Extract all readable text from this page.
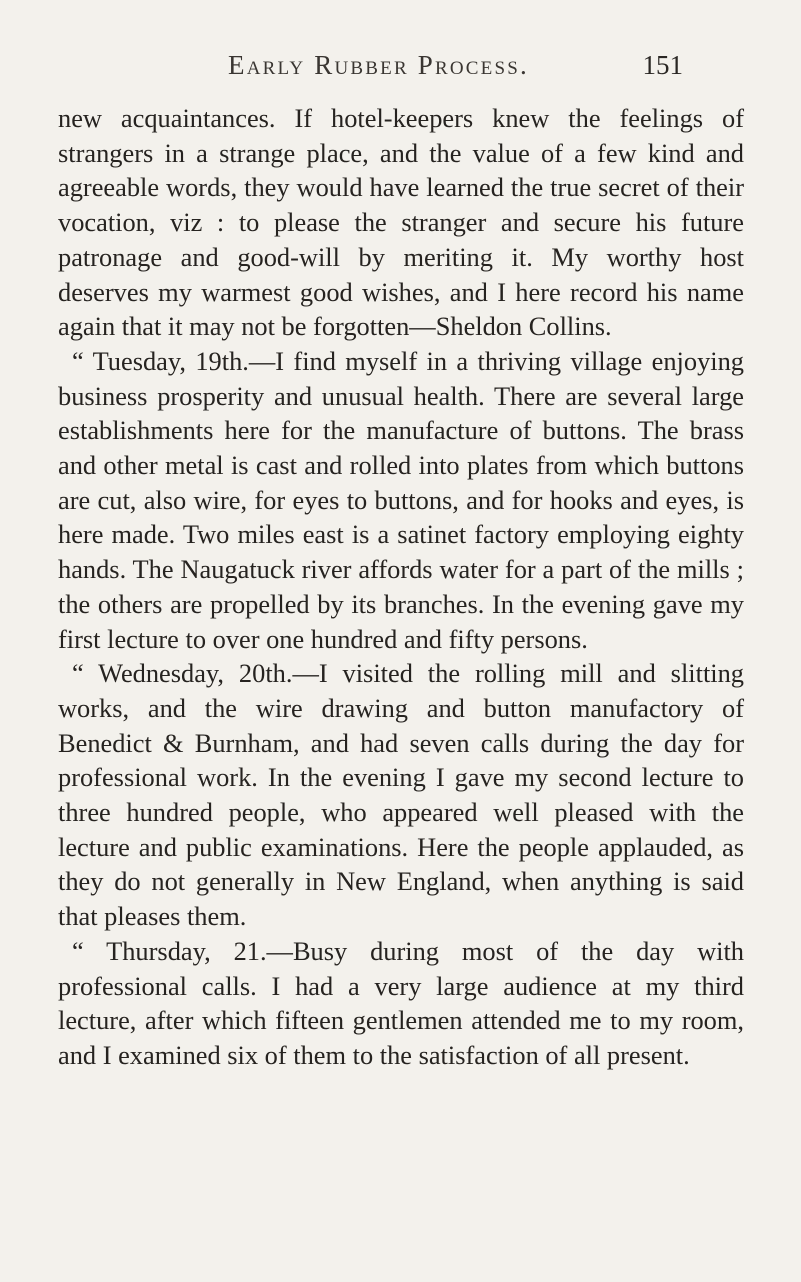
Early Rubber Process.	151

new acquaintances. If hotel-keepers knew the feelings of strangers in a strange place, and the value of a few kind and agreeable words, they would have learned the true secret of their vocation, viz : to please the stranger and secure his future patronage and good-will by meriting it. My worthy host deserves my warmest good wishes, and I here record his name again that it may not be forgotten—Sheldon Collins.

“ Tuesday, 19th.—I find myself in a thriving village enjoying business prosperity and unusual health. There are several large establishments here for the manufacture of buttons. The brass and other metal is cast and rolled into plates from which buttons are cut, also wire, for eyes to buttons, and for hooks and eyes, is here made. Two miles east is a satinet factory employing eighty hands. The Naugatuck river affords water for a part of the mills ; the others are propelled by its branches. In the evening gave my first lecture to over one hundred and fifty persons.

“ Wednesday, 20th.—I visited the rolling mill and slitting works, and the wire drawing and button manufactory of Benedict & Burnham, and had seven calls during the day for professional work. In the evening I gave my second lecture to three hundred people, who appeared well pleased with the lecture and public examinations. Here the people applauded, as they do not generally in New England, when anything is said that pleases them.

“ Thursday, 21.—Busy during most of the day with professional calls. I had a very large audience at my third lecture, after which fifteen gentlemen attended me to my room, and I examined six of them to the satisfaction of all present.
